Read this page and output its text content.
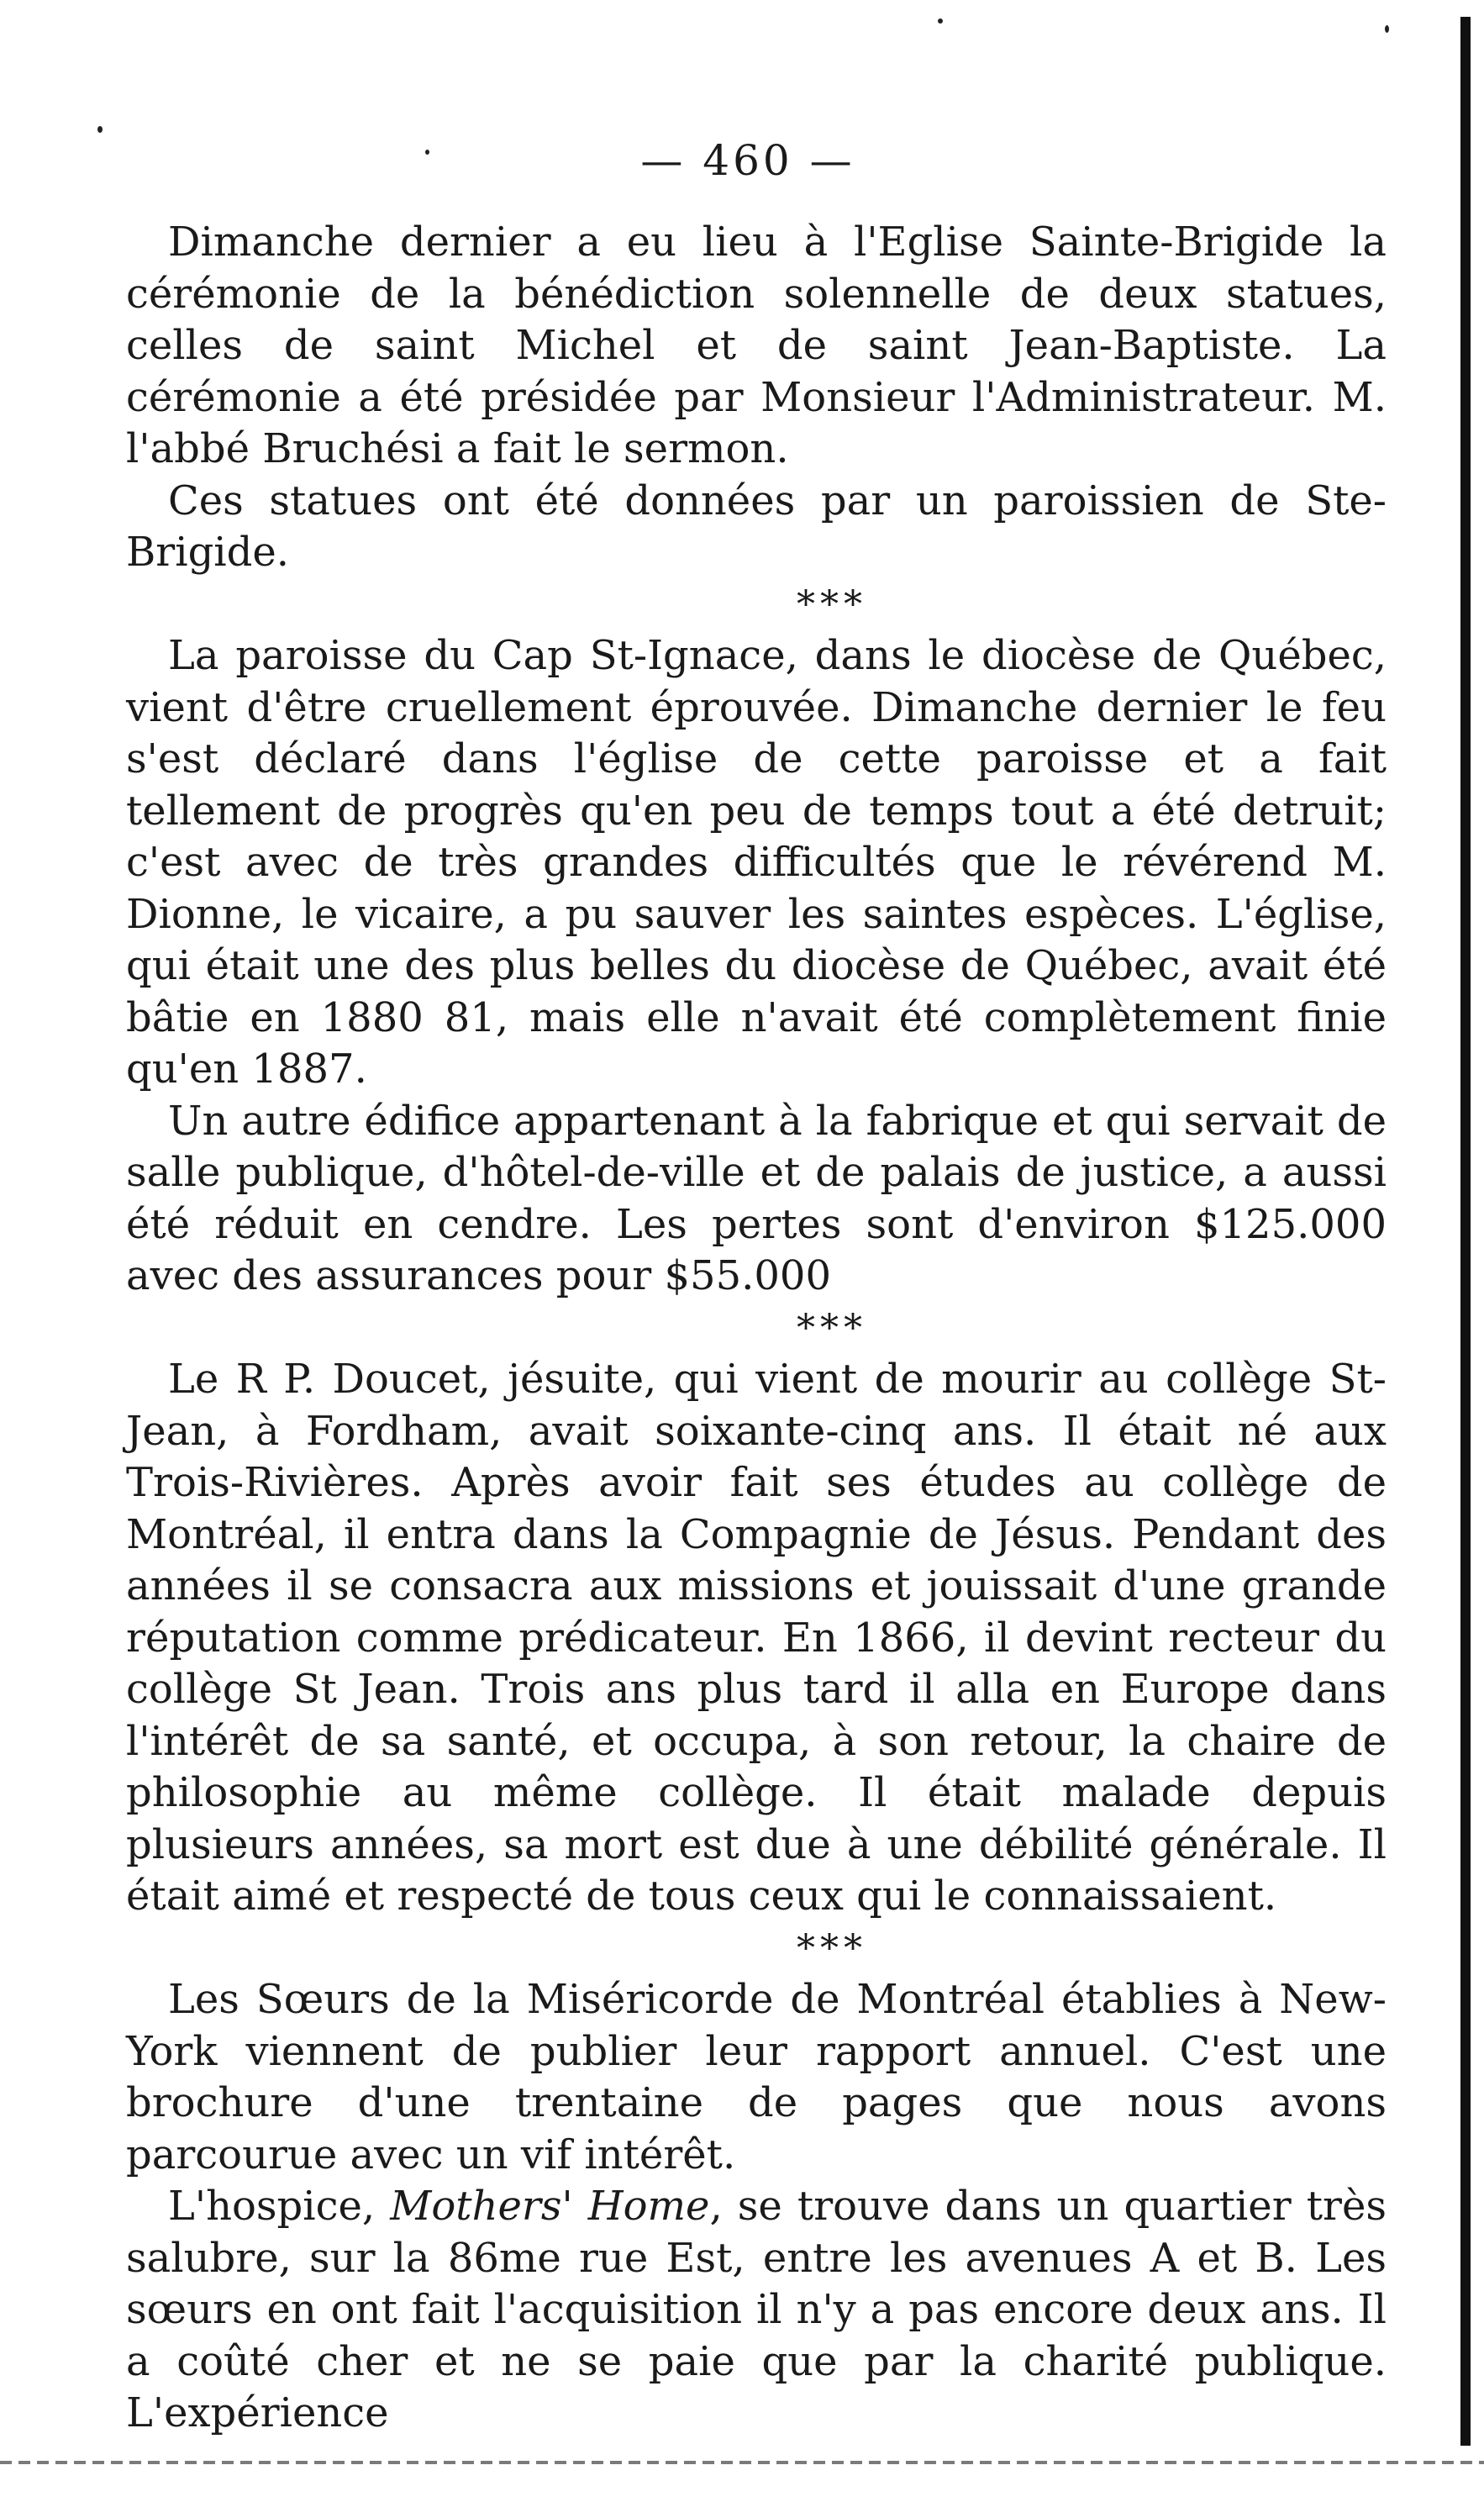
— 460 —

Dimanche dernier a eu lieu à l'Eglise Sainte-Brigide la cérémonie de la bénédiction solennelle de deux statues, celles de saint Michel et de saint Jean-Baptiste. La cérémonie a été présidée par Monsieur l'Administrateur. M. l'abbé Bruchési a fait le sermon.

Ces statues ont été données par un paroissien de Ste-Brigide.

***

La paroisse du Cap St-Ignace, dans le diocèse de Québec, vient d'être cruellement éprouvée. Dimanche dernier le feu s'est déclaré dans l'église de cette paroisse et a fait tellement de progrès qu'en peu de temps tout a été detruit; c'est avec de très grandes difficultés que le révérend M. Dionne, le vicaire, a pu sauver les saintes espèces. L'église, qui était une des plus belles du diocèse de Québec, avait été bâtie en 1880 81, mais elle n'avait été complètement finie qu'en 1887.

Un autre édifice appartenant à la fabrique et qui servait de salle publique, d'hôtel-de-ville et de palais de justice, a aussi été réduit en cendre. Les pertes sont d'environ $125.000 avec des assurances pour $55.000

***

Le R P. Doucet, jésuite, qui vient de mourir au collège St-Jean, à Fordham, avait soixante-cinq ans. Il était né aux Trois-Rivières. Après avoir fait ses études au collège de Montréal, il entra dans la Compagnie de Jésus. Pendant des années il se consacra aux missions et jouissait d'une grande réputation comme prédicateur. En 1866, il devint recteur du collège St Jean. Trois ans plus tard il alla en Europe dans l'intérêt de sa santé, et occupa, à son retour, la chaire de philosophie au même collège. Il était malade depuis plusieurs années, sa mort est due à une débilité générale. Il était aimé et respecté de tous ceux qui le connaissaient.

***

Les Sœurs de la Miséricorde de Montréal établies à New-York viennent de publier leur rapport annuel. C'est une brochure d'une trentaine de pages que nous avons parcourue avec un vif intérêt.

L'hospice, Mothers' Home, se trouve dans un quartier très salubre, sur la 86me rue Est, entre les avenues A et B. Les sœurs en ont fait l'acquisition il n'y a pas encore deux ans. Il a coûté cher et ne se paie que par la charité publique. L'expérience
